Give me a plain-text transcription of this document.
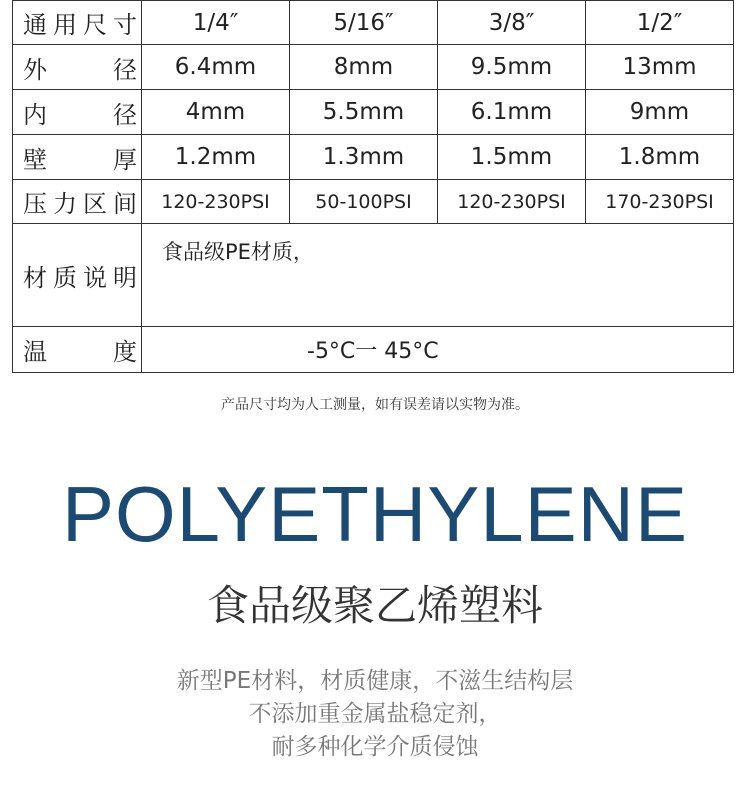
通用尺寸	1/4″	5/16″	3/8″	1/2″
外　径	6.4mm	8mm	9.5mm	13mm
内　径	4mm	5.5mm	6.1mm	9mm
壁　厚	1.2mm	1.3mm	1.5mm	1.8mm
压力区间	120-230PSI	50-100PSI	120-230PSI	170-230PSI
材质说明	食品级PE材质，			
温　度	-5°C一 45°C			
产品尺寸均为人工测量，如有误差请以实物为准。
POLYETHYLENE
食品级聚乙烯塑料
新型PE材料，材质健康，不滋生结构层
不添加重金属盐稳定剂，
耐多种化学介质侵蚀
